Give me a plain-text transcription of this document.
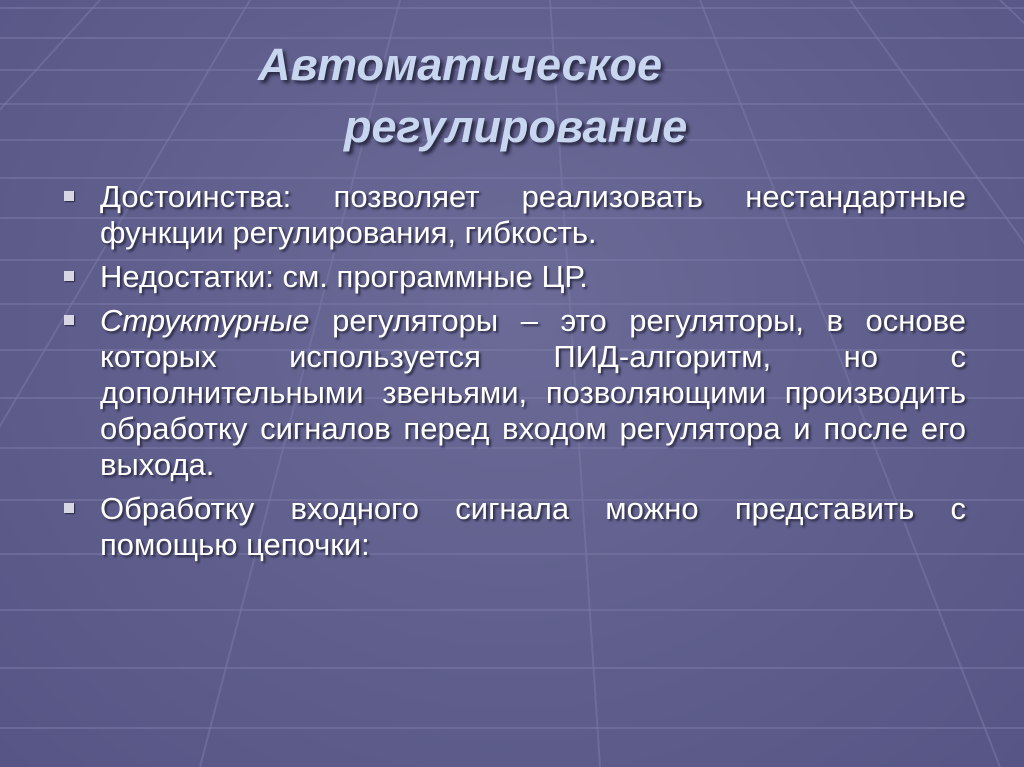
Автоматическое
регулирование
Достоинства: позволяет реализовать нестандартные функции регулирования, гибкость.
Недостатки: см. программные ЦР.
Структурные регуляторы – это регуляторы, в основе которых используется ПИД-алгоритм, но с дополнительными звеньями, позволяющими производить обработку сигналов перед входом регулятора и после его выхода.
Обработку входного сигнала можно представить с помощью цепочки:
